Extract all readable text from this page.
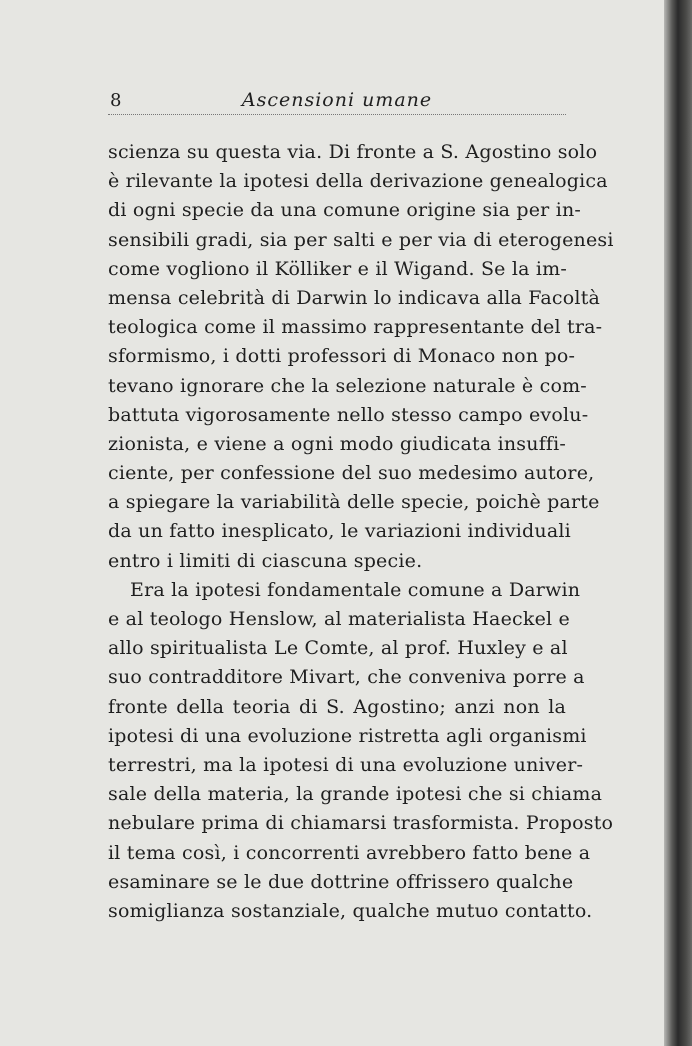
8	Ascensioni umane
scienza su questa via. Di fronte a S. Agostino solo
è rilevante la ipotesi della derivazione genealogica
di ogni specie da una comune origine sia per in-
sensibili gradi, sia per salti e per via di eterogenesi
come vogliono il Kölliker e il Wigand. Se la im-
mensa celebrità di Darwin lo indicava alla Facoltà
teologica come il massimo rappresentante del tra-
sformismo, i dotti professori di Monaco non po-
tevano ignorare che la selezione naturale è com-
battuta vigorosamente nello stesso campo evolu-
zionista, e viene a ogni modo giudicata insuffi-
ciente, per confessione del suo medesimo autore,
a spiegare la variabilità delle specie, poichè parte
da un fatto inesplicato, le variazioni individuali
entro i limiti di ciascuna specie.
Era la ipotesi fondamentale comune a Darwin
e al teologo Henslow, al materialista Haeckel e
allo spiritualista Le Comte, al prof. Huxley e al
suo contradditore Mivart, che conveniva porre a
fronte della teoria di S. Agostino; anzi non la
ipotesi di una evoluzione ristretta agli organismi
terrestri, ma la ipotesi di una evoluzione univer-
sale della materia, la grande ipotesi che si chiama
nebulare prima di chiamarsi trasformista. Proposto
il tema così, i concorrenti avrebbero fatto bene a
esaminare se le due dottrine offrissero qualche
somiglianza sostanziale, qualche mutuo contatto.
